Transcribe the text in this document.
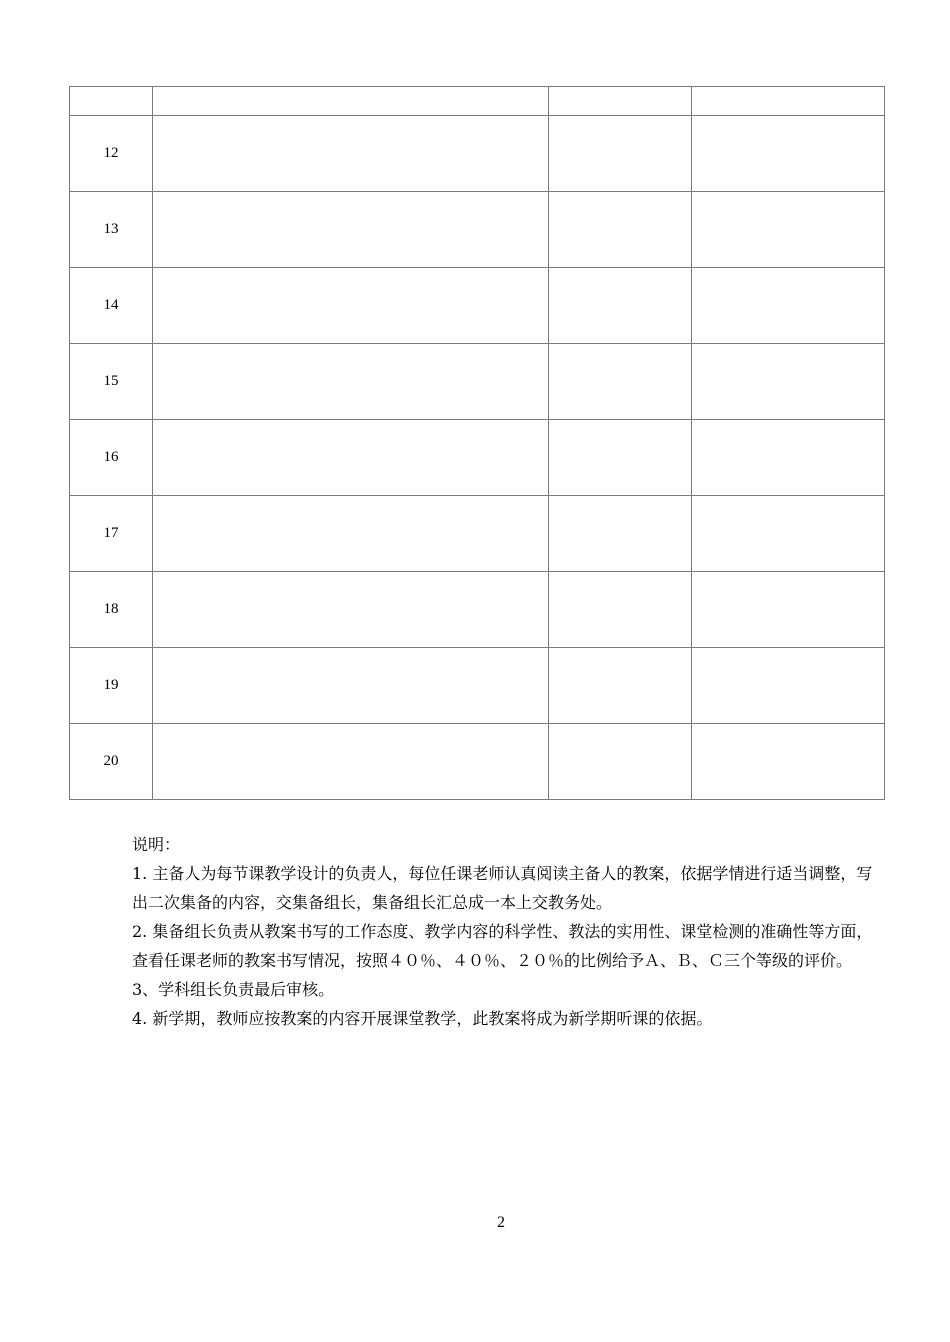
12			
13			
14			
15			
16			
17			
18			
19			
20			

说明：

1. 主备人为每节课教学设计的负责人，每位任课老师认真阅读主备人的教案，依据学情进行适当调整，写出二次集备的内容，交集备组长，集备组长汇总成一本上交教务处。

2. 集备组长负责从教案书写的工作态度、教学内容的科学性、教法的实用性、课堂检测的准确性等方面，查看任课老师的教案书写情况，按照４０％、４０％、２０％的比例给予Ａ、Ｂ、Ｃ三个等级的评价。

3、学科组长负责最后审核。

4. 新学期，教师应按教案的内容开展课堂教学，此教案将成为新学期听课的依据。

2
